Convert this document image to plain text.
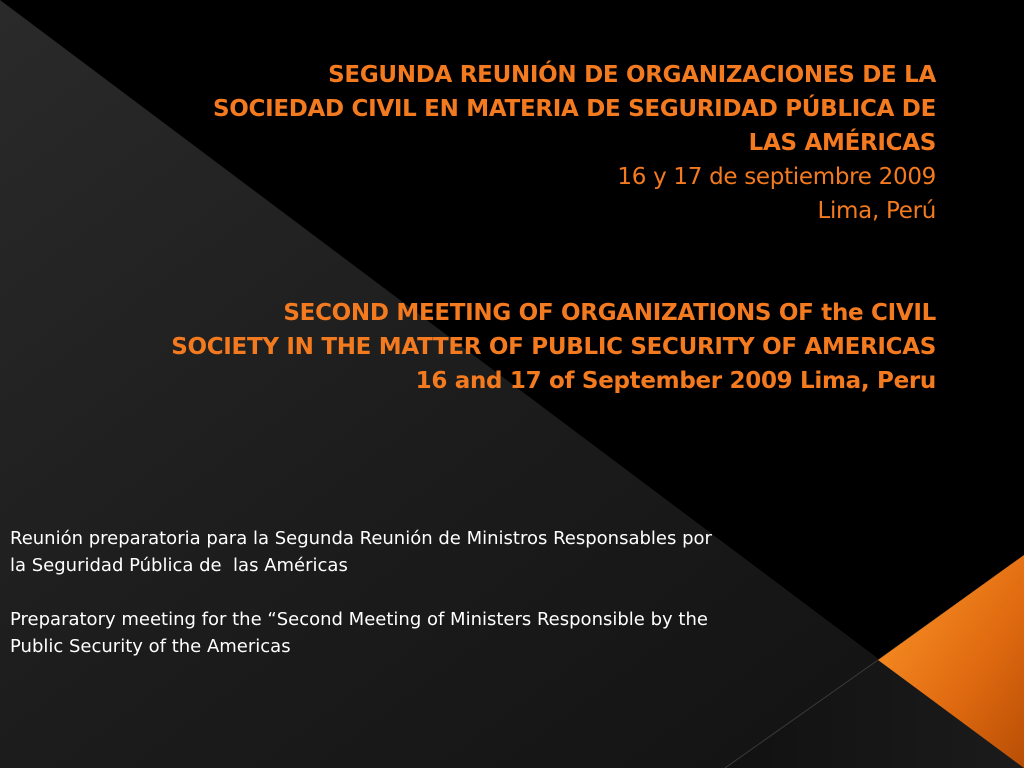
SEGUNDA REUNIÓN DE ORGANIZACIONES DE LA

SOCIEDAD CIVIL EN MATERIA DE SEGURIDAD PÚBLICA DE

LAS AMÉRICAS

16 y 17 de septiembre 2009

Lima, Perú

SECOND MEETING OF ORGANIZATIONS OF the CIVIL

SOCIETY IN THE MATTER OF PUBLIC SECURITY OF AMERICAS

16 and 17 of September 2009 Lima, Peru

Reunión preparatoria para la Segunda Reunión de Ministros Responsables por

la Seguridad Pública de  las Américas

Preparatory meeting for the “Second Meeting of Ministers Responsible by the

Public Security of the Americas
